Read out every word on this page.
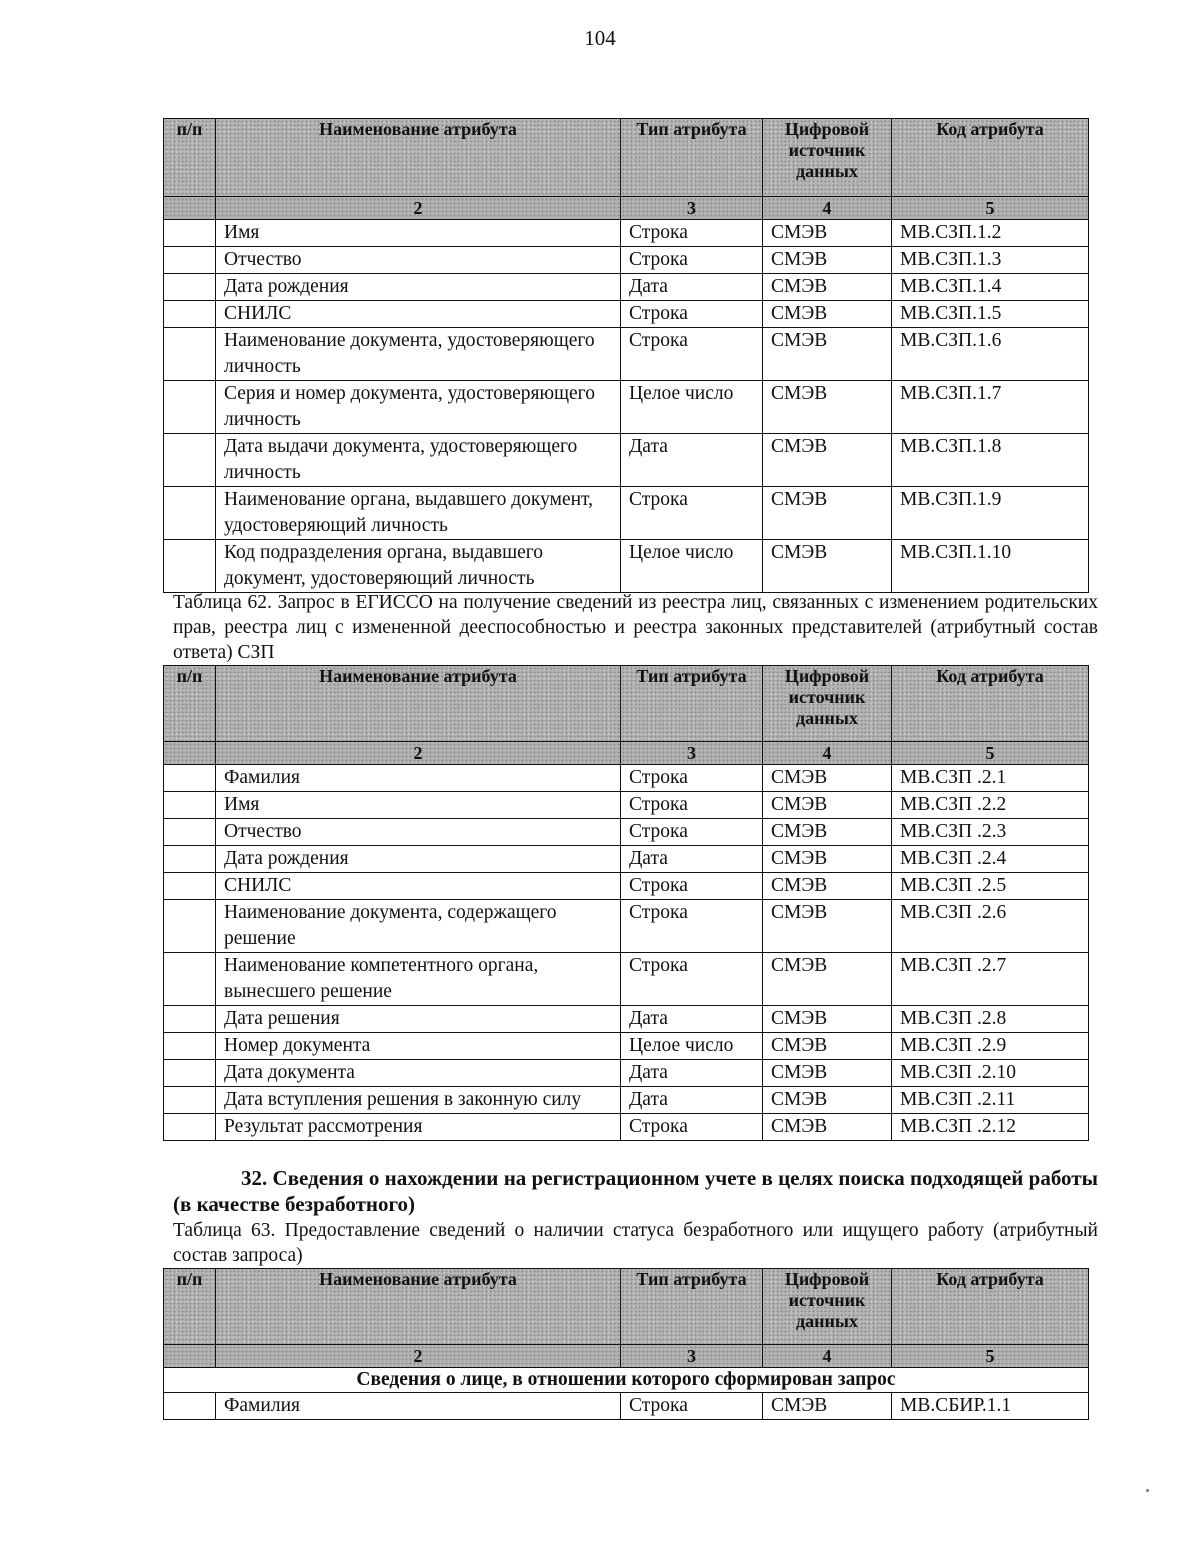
104
п/п	Наименование атрибута	Тип атрибута	Цифровой источник данных	Код атрибута
	2	3	4	5
	Имя	Строка	СМЭВ	МВ.СЗП.1.2
	Отчество	Строка	СМЭВ	МВ.СЗП.1.3
	Дата рождения	Дата	СМЭВ	МВ.СЗП.1.4
	СНИЛС	Строка	СМЭВ	МВ.СЗП.1.5
	Наименование документа, удостоверяющего личность	Строка	СМЭВ	МВ.СЗП.1.6
	Серия и номер документа, удостоверяющего личность	Целое число	СМЭВ	МВ.СЗП.1.7
	Дата выдачи документа, удостоверяющего личность	Дата	СМЭВ	МВ.СЗП.1.8
	Наименование органа, выдавшего документ, удостоверяющий личность	Строка	СМЭВ	МВ.СЗП.1.9
	Код подразделения органа, выдавшего документ, удостоверяющий личность	Целое число	СМЭВ	МВ.СЗП.1.10
Таблица 62. Запрос в ЕГИССО на получение сведений из реестра лиц, связанных с изменением родительских прав, реестра лиц с измененной дееспособностью и реестра законных представителей (атрибутный состав ответа) СЗП
п/п	Наименование атрибута	Тип атрибута	Цифровой источник данных	Код атрибута
	2	3	4	5
	Фамилия	Строка	СМЭВ	МВ.СЗП .2.1
	Имя	Строка	СМЭВ	МВ.СЗП .2.2
	Отчество	Строка	СМЭВ	МВ.СЗП .2.3
	Дата рождения	Дата	СМЭВ	МВ.СЗП .2.4
	СНИЛС	Строка	СМЭВ	МВ.СЗП .2.5
	Наименование документа, содержащего решение	Строка	СМЭВ	МВ.СЗП .2.6
	Наименование компетентного органа, вынесшего решение	Строка	СМЭВ	МВ.СЗП .2.7
	Дата решения	Дата	СМЭВ	МВ.СЗП .2.8
	Номер документа	Целое число	СМЭВ	МВ.СЗП .2.9
	Дата документа	Дата	СМЭВ	МВ.СЗП .2.10
	Дата вступления решения в законную силу	Дата	СМЭВ	МВ.СЗП .2.11
	Результат рассмотрения	Строка	СМЭВ	МВ.СЗП .2.12
32. Сведения о нахождении на регистрационном учете в целях поиска подходящей работы (в качестве безработного)
Таблица 63. Предоставление сведений о наличии статуса безработного или ищущего работу (атрибутный состав запроса)
п/п	Наименование атрибута	Тип атрибута	Цифровой источник данных	Код атрибута
	2	3	4	5
Сведения о лице, в отношении которого сформирован запрос				
	Фамилия	Строка	СМЭВ	МВ.СБИР.1.1
